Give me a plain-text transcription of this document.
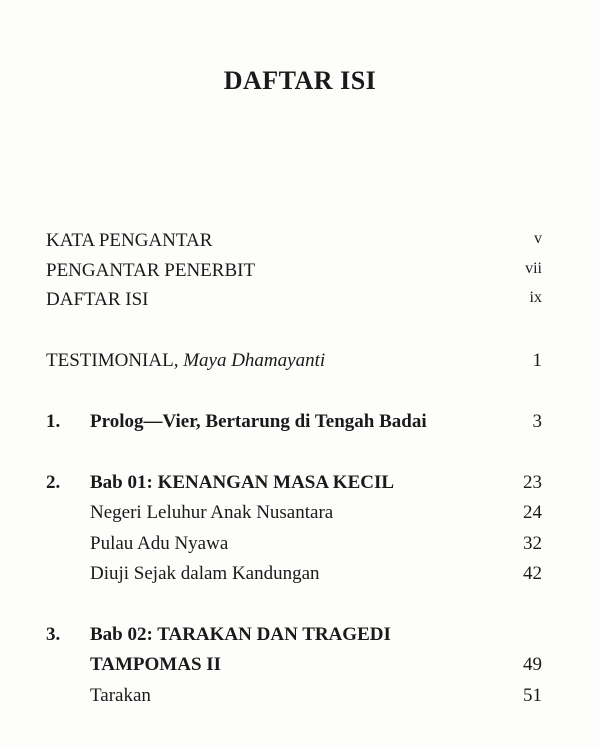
DAFTAR ISI
KATA PENGANTAR	v
PENGANTAR PENERBIT	vii
DAFTAR ISI	ix
TESTIMONIAL, Maya Dhamayanti	1
1. Prolog—Vier, Bertarung di Tengah Badai	3
2. Bab 01: KENANGAN MASA KECIL	23
Negeri Leluhur Anak Nusantara	24
Pulau Adu Nyawa	32
Diuji Sejak dalam Kandungan	42
3. Bab 02: TARAKAN DAN TRAGEDI
TAMPOMAS II	49
Tarakan	51
